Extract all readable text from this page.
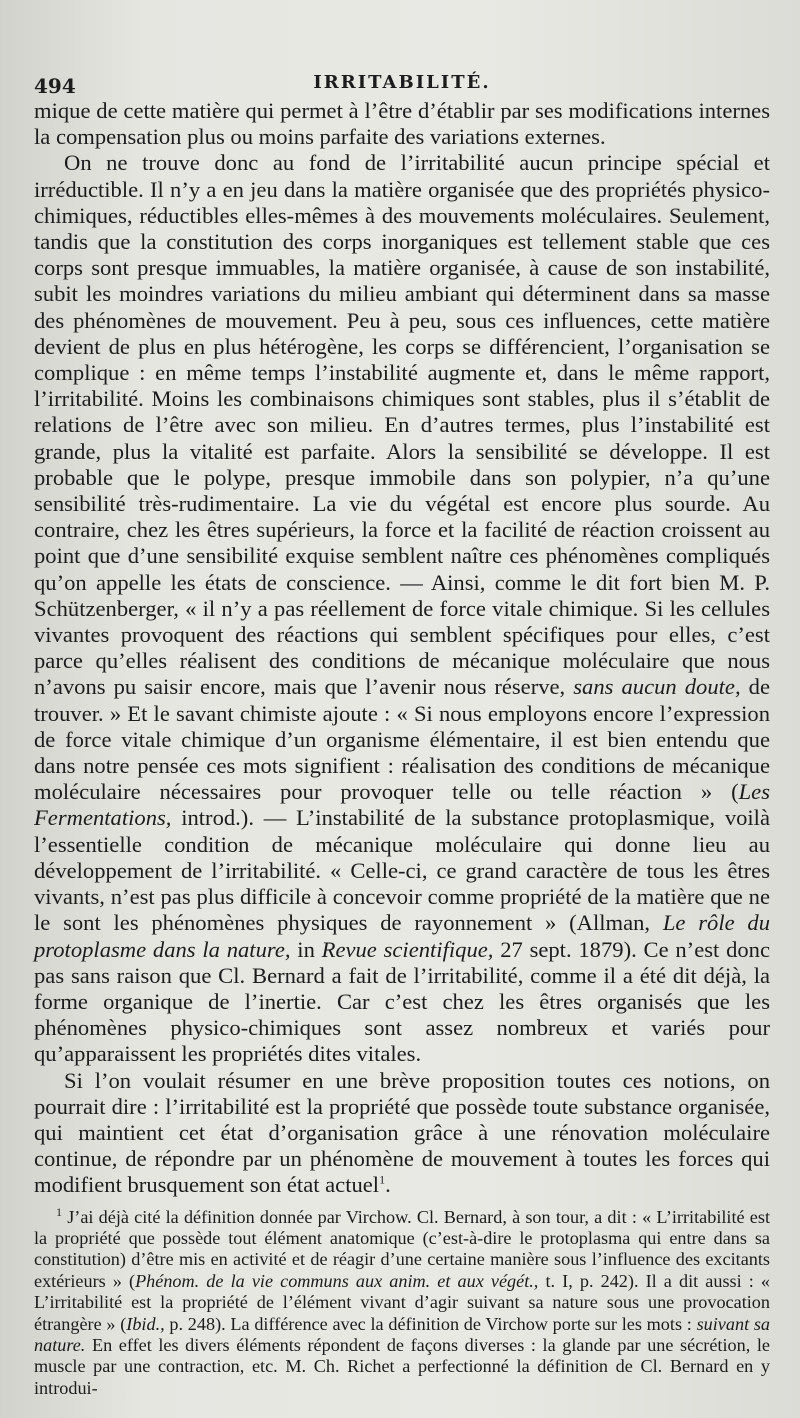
494	IRRITABILITÉ.

mique de cette matière qui permet à l’être d’établir par ses modifications internes la compensation plus ou moins parfaite des variations externes.

On ne trouve donc au fond de l’irritabilité aucun principe spécial et irréductible. Il n’y a en jeu dans la matière organisée que des propriétés physico-chimiques, réductibles elles-mêmes à des mouvements moléculaires. Seulement, tandis que la constitution des corps inorganiques est tellement stable que ces corps sont presque immuables, la matière organisée, à cause de son instabilité, subit les moindres variations du milieu ambiant qui déterminent dans sa masse des phénomènes de mouvement. Peu à peu, sous ces influences, cette matière devient de plus en plus hétérogène, les corps se différencient, l’organisation se complique : en même temps l’instabilité augmente et, dans le même rapport, l’irritabilité. Moins les combinaisons chimiques sont stables, plus il s’établit de relations de l’être avec son milieu. En d’autres termes, plus l’instabilité est grande, plus la vitalité est parfaite. Alors la sensibilité se développe. Il est probable que le polype, presque immobile dans son polypier, n’a qu’une sensibilité très-rudimentaire. La vie du végétal est encore plus sourde. Au contraire, chez les êtres supérieurs, la force et la facilité de réaction croissent au point que d’une sensibilité exquise semblent naître ces phénomènes compliqués qu’on appelle les états de conscience. — Ainsi, comme le dit fort bien M. P. Schützenberger, « il n’y a pas réellement de force vitale chimique. Si les cellules vivantes provoquent des réactions qui semblent spécifiques pour elles, c’est parce qu’elles réalisent des conditions de mécanique moléculaire que nous n’avons pu saisir encore, mais que l’avenir nous réserve, sans aucun doute, de trouver. » Et le savant chimiste ajoute : « Si nous employons encore l’expression de force vitale chimique d’un organisme élémentaire, il est bien entendu que dans notre pensée ces mots signifient : réalisation des conditions de mécanique moléculaire nécessaires pour provoquer telle ou telle réaction » (Les Fermentations, introd.). — L’instabilité de la substance protoplasmique, voilà l’essentielle condition de mécanique moléculaire qui donne lieu au développement de l’irritabilité. « Celle-ci, ce grand caractère de tous les êtres vivants, n’est pas plus difficile à concevoir comme propriété de la matière que ne le sont les phénomènes physiques de rayonnement » (Allman, Le rôle du protoplasme dans la nature, in Revue scientifique, 27 sept. 1879). Ce n’est donc pas sans raison que Cl. Bernard a fait de l’irritabilité, comme il a été dit déjà, la forme organique de l’inertie. Car c’est chez les êtres organisés que les phénomènes physico-chimiques sont assez nombreux et variés pour qu’apparaissent les propriétés dites vitales.

Si l’on voulait résumer en une brève proposition toutes ces notions, on pourrait dire : l’irritabilité est la propriété que possède toute substance organisée, qui maintient cet état d’organisation grâce à une rénovation moléculaire continue, de répondre par un phénomène de mouvement à toutes les forces qui modifient brusquement son état actuel$^1$.

$^1$ J’ai déjà cité la définition donnée par Virchow. Cl. Bernard, à son tour, a dit : « L’irritabilité est la propriété que possède tout élément anatomique (c’est-à-dire le protoplasma qui entre dans sa constitution) d’être mis en activité et de réagir d’une certaine manière sous l’influence des excitants extérieurs » (Phénom. de la vie communs aux anim. et aux végét., t. I, p. 242). Il a dit aussi : « L’irritabilité est la propriété de l’élément vivant d’agir suivant sa nature sous une provocation étrangère » (Ibid., p. 248). La différence avec la définition de Virchow porte sur les mots : suivant sa nature. En effet les divers éléments répondent de façons diverses : la glande par une sécrétion, le muscle par une contraction, etc. M. Ch. Richet a perfectionné la définition de Cl. Bernard en y introdui-
